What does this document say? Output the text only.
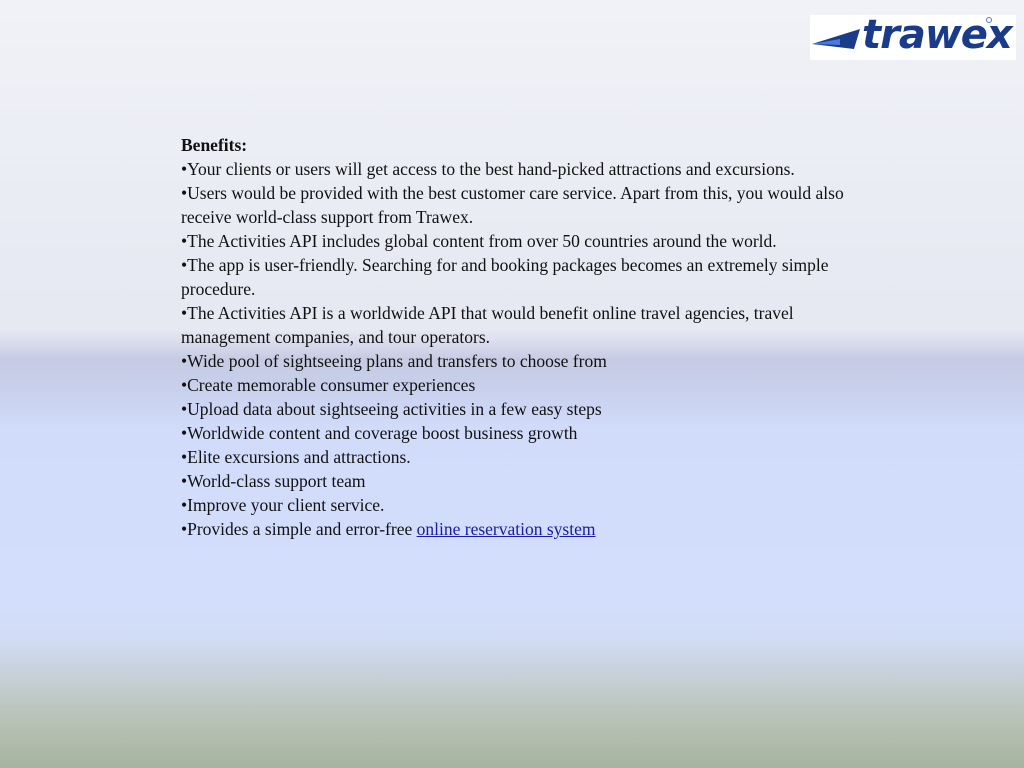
trawex
Benefits:

•Your clients or users will get access to the best hand-picked attractions and excursions.

•Users would be provided with the best customer care service. Apart from this, you would also receive world-class support from Trawex.

•The Activities API includes global content from over 50 countries around the world.

•The app is user-friendly. Searching for and booking packages becomes an extremely simple procedure.

•The Activities API is a worldwide API that would benefit online travel agencies, travel management companies, and tour operators.

•Wide pool of sightseeing plans and transfers to choose from

•Create memorable consumer experiences

•Upload data about sightseeing activities in a few easy steps

•Worldwide content and coverage boost business growth

•Elite excursions and attractions.

•World-class support team

•Improve your client service.

•Provides a simple and error-free online reservation system
